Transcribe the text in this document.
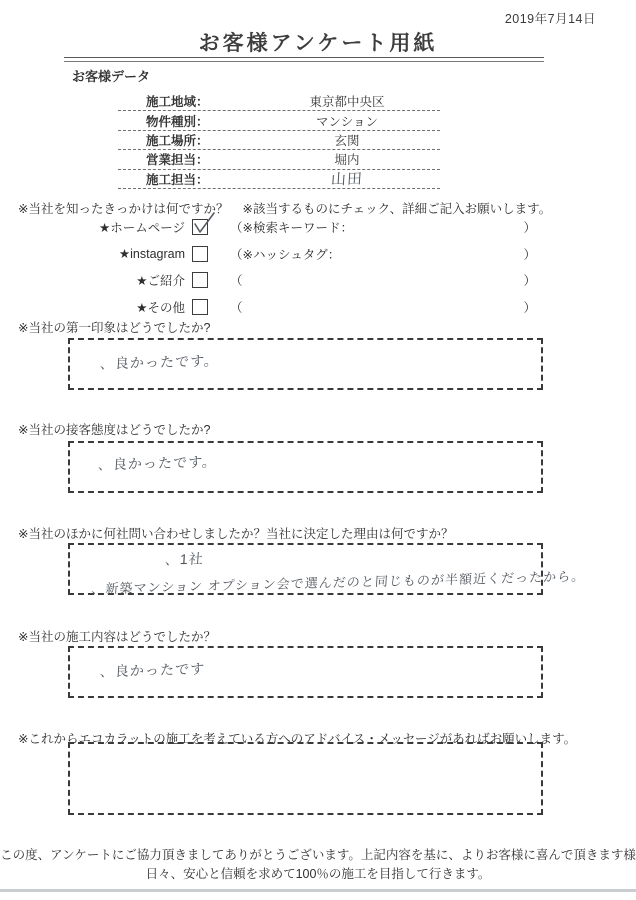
2019年7月14日
お客様アンケート用紙
お客様データ
施工地域：	東京都中央区
物件種別：	マンション
施工場所：	玄関
営業担当：	堀内
施工担当：	山田
※当社を知ったきっかけは何ですか？ ※該当するものにチェック、詳細ご記入お願いします。
★ホームページ	（※検索キーワード：	）
★instagram	（※ハッシュタグ：	）
★ご紹介	（	）
★その他	（	）
※当社の第一印象はどうでしたか?
、良かったです。
※当社の接客態度はどうでしたか?
、良かったです。
※当社のほかに何社問い合わせしましたか？当社に決定した理由は何ですか？
、1社
、新築マンション オプション会で選んだのと同じものが半額近くだったから。
※当社の施工内容はどうでしたか？
、良かったです
※これからエコカラットの施工を考えている方へのアドバイス・メッセージがあればお願いします。
この度、アンケートにご協力頂きましてありがとうございます。上記内容を基に、よりお客様に喜んで頂きます様
日々、安心と信頼を求めて100％の施工を目指して行きます。
